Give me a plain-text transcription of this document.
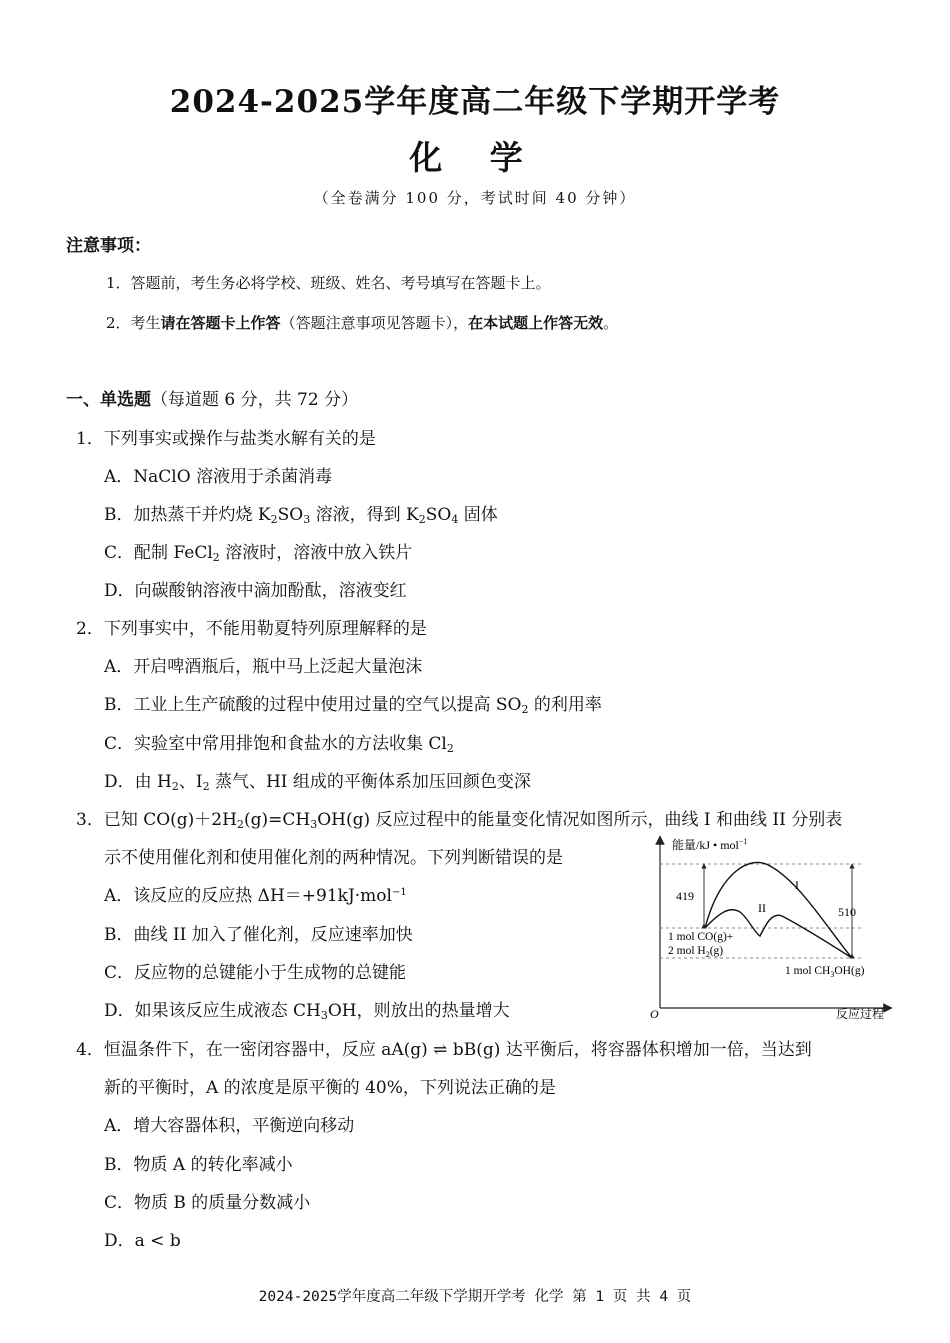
2024-2025学年度高二年级下学期开学考
化 学
（全卷满分 100 分，考试时间 40 分钟）
注意事项：
1．答题前，考生务必将学校、班级、姓名、考号填写在答题卡上。
2．考生请在答题卡上作答（答题注意事项见答题卡），在本试题上作答无效。
一、单选题（每道题 6 分，共 72 分）
1．下列事实或操作与盐类水解有关的是
A．NaClO 溶液用于杀菌消毒
B．加热蒸干并灼烧 $K_2SO_3$ 溶液，得到 $K_2SO_4$ 固体
C．配制 FeCl$_2$ 溶液时，溶液中放入铁片
D．向碳酸钠溶液中滴加酚酞，溶液变红
2．下列事实中，不能用勒夏特列原理解释的是
A．开启啤酒瓶后，瓶中马上泛起大量泡沫
B．工业上生产硫酸的过程中使用过量的空气以提高 $SO_2$ 的利用率
C．实验室中常用排饱和食盐水的方法收集 $Cl_2$
D．由 $H_2$、$I_2$ 蒸气、HI 组成的平衡体系加压回颜色变深
3．已知 $CO(g)+2H_2(g)=CH_3OH(g)$ 反应过程中的能量变化情况如图所示，曲线 I 和曲线 II 分别表
示不使用催化剂和使用催化剂的两种情况。下列判断错误的是
A．该反应的反应热 ΔH＝+91kJ·mol$^{-1}$
B．曲线 II 加入了催化剂，反应速率加快
C．反应物的总键能小于生成物的总键能
D．如果该反应生成液态 $CH_3OH$，则放出的热量增大
能量/kJ • mol$^{-1}$
419
510
I
II
1 mol CO(g)+
2 mol $H_2(g)$
1 mol $CH_3OH(g)$
O	反应过程
4．恒温条件下，在一密闭容器中，反应 aA(g) ⇌ bB(g) 达平衡后，将容器体积增加一倍，当达到
新的平衡时，A 的浓度是原平衡的 40%，下列说法正确的是
A．增大容器体积，平衡逆向移动
B．物质 A 的转化率减小
C．物质 B 的质量分数减小
D．a < b
2024-2025学年度高二年级下学期开学考 化学 第 1 页 共 4 页
